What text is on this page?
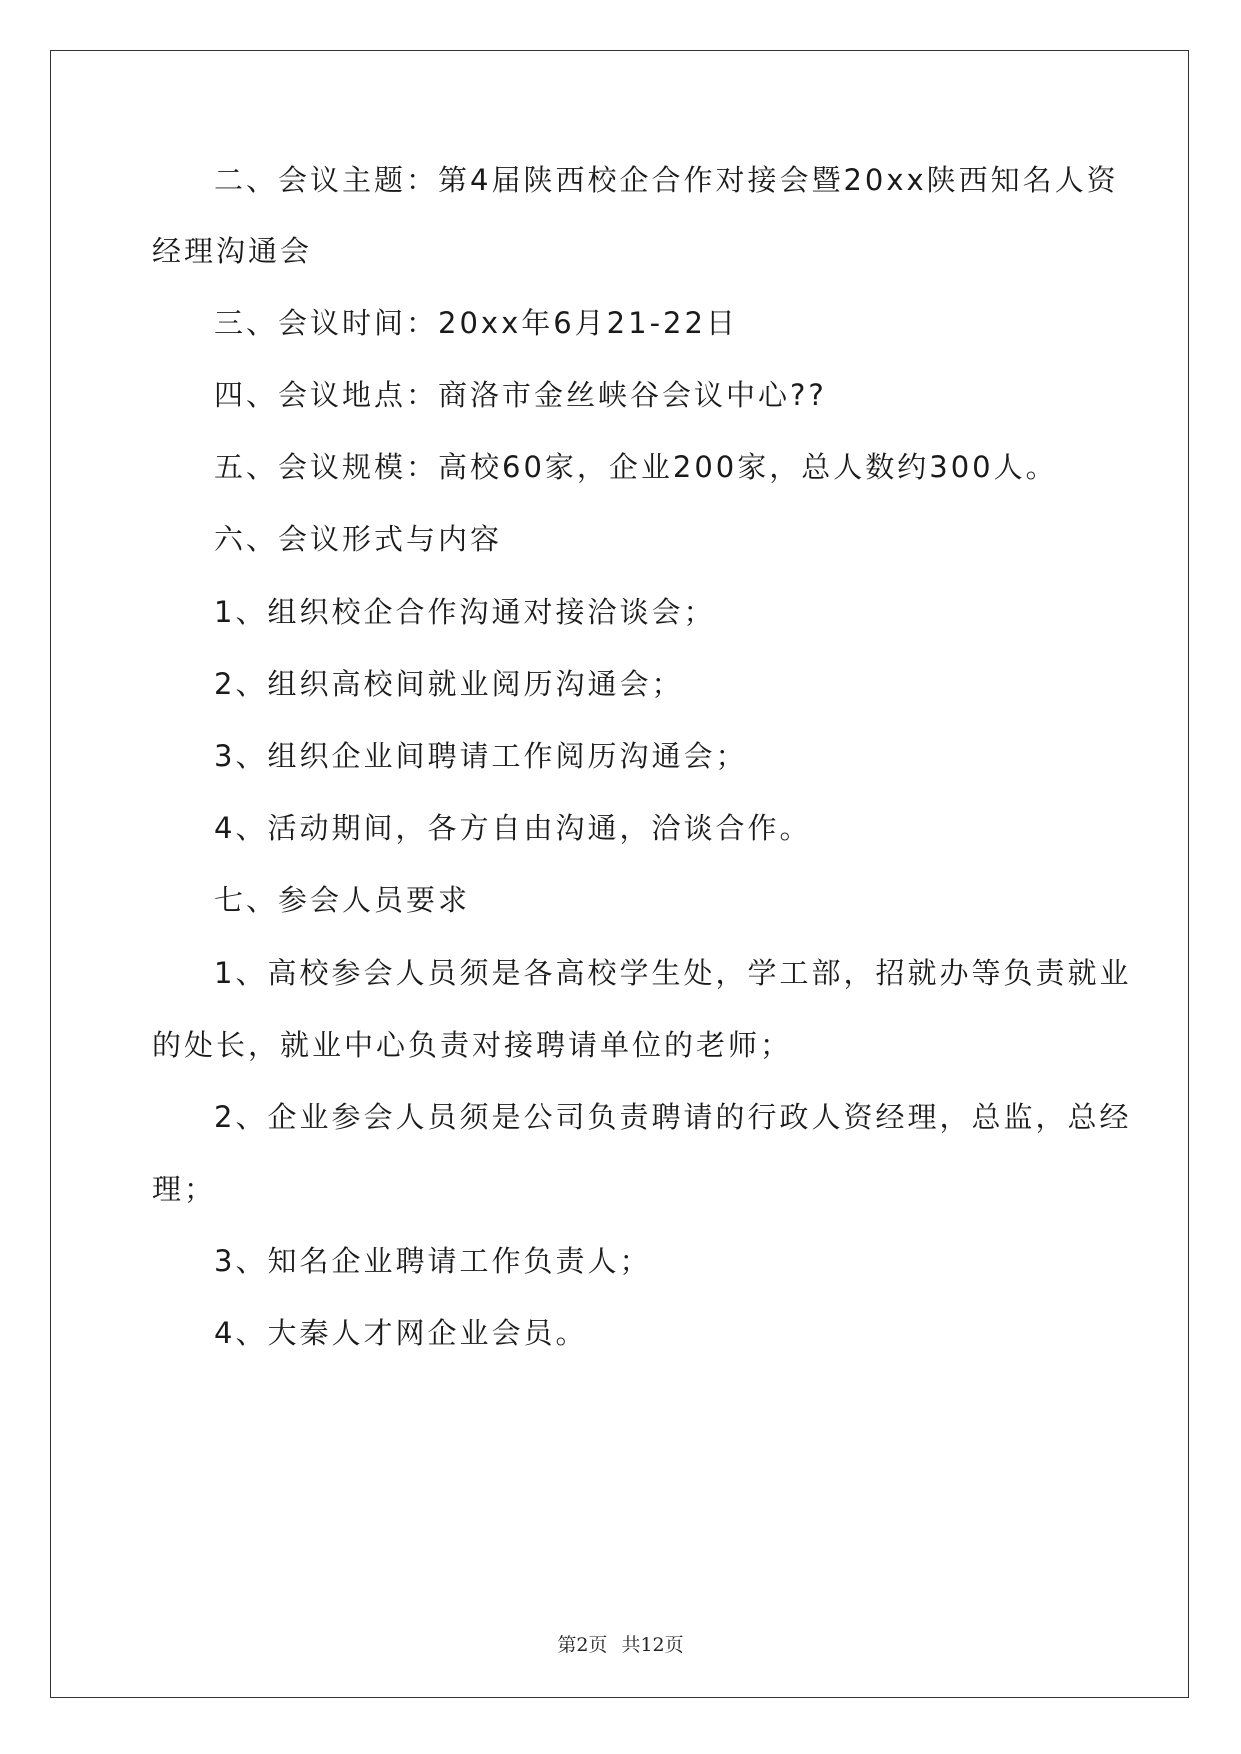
二、会议主题：第4届陕西校企合作对接会暨20xx陕西知名人资
经理沟通会
三、会议时间：20xx年6月21-22日
四、会议地点：商洛市金丝峡谷会议中心??
五、会议规模：高校60家，企业200家，总人数约300人。
六、会议形式与内容
1、组织校企合作沟通对接洽谈会；
2、组织高校间就业阅历沟通会；
3、组织企业间聘请工作阅历沟通会；
4、活动期间，各方自由沟通，洽谈合作。
七、参会人员要求
1、高校参会人员须是各高校学生处，学工部，招就办等负责就业
的处长，就业中心负责对接聘请单位的老师；
2、企业参会人员须是公司负责聘请的行政人资经理，总监，总经
理；
3、知名企业聘请工作负责人；
4、大秦人才网企业会员。
第2页 共12页
